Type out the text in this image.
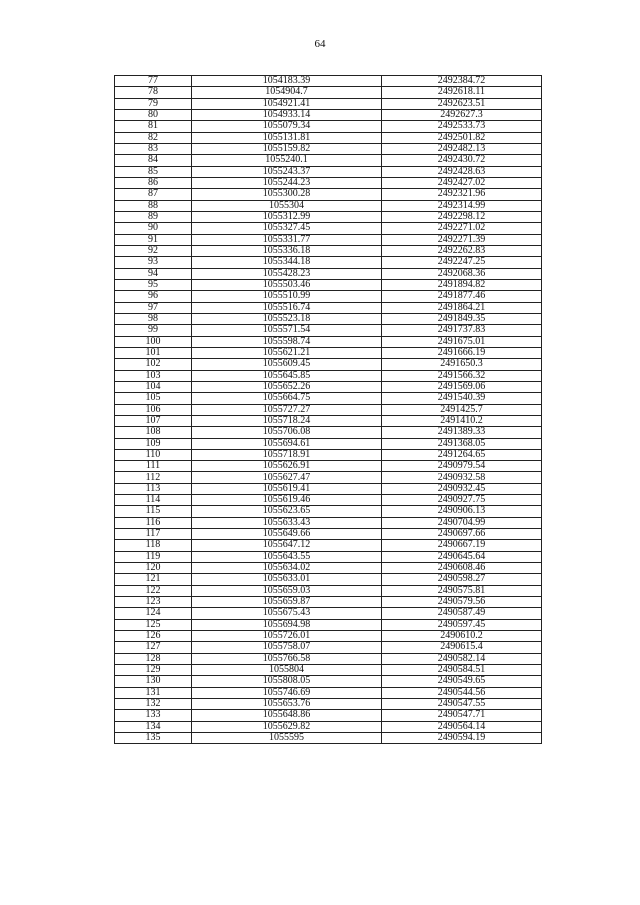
64
77	1054183.39	2492384.72
78	1054904.7	2492618.11
79	1054921.41	2492623.51
80	1054933.14	2492627.3
81	1055079.34	2492533.73
82	1055131.81	2492501.82
83	1055159.82	2492482.13
84	1055240.1	2492430.72
85	1055243.37	2492428.63
86	1055244.23	2492427.02
87	1055300.28	2492321.96
88	1055304	2492314.99
89	1055312.99	2492298.12
90	1055327.45	2492271.02
91	1055331.77	2492271.39
92	1055336.18	2492262.83
93	1055344.18	2492247.25
94	1055428.23	2492068.36
95	1055503.46	2491894.82
96	1055510.99	2491877.46
97	1055516.74	2491864.21
98	1055523.18	2491849.35
99	1055571.54	2491737.83
100	1055598.74	2491675.01
101	1055621.21	2491666.19
102	1055609.45	2491650.3
103	1055645.85	2491566.32
104	1055652.26	2491569.06
105	1055664.75	2491540.39
106	1055727.27	2491425.7
107	1055718.24	2491410.2
108	1055706.08	2491389.33
109	1055694.61	2491368.05
110	1055718.91	2491264.65
111	1055626.91	2490979.54
112	1055627.47	2490932.58
113	1055619.41	2490932.45
114	1055619.46	2490927.75
115	1055623.65	2490906.13
116	1055633.43	2490704.99
117	1055649.66	2490697.66
118	1055647.12	2490667.19
119	1055643.55	2490645.64
120	1055634.02	2490608.46
121	1055633.01	2490598.27
122	1055659.03	2490575.81
123	1055659.87	2490579.56
124	1055675.43	2490587.49
125	1055694.98	2490597.45
126	1055726.01	2490610.2
127	1055758.07	2490615.4
128	1055766.58	2490582.14
129	1055804	2490584.51
130	1055808.05	2490549.65
131	1055746.69	2490544.56
132	1055653.76	2490547.55
133	1055648.86	2490547.71
134	1055629.82	2490564.14
135	1055595	2490594.19
